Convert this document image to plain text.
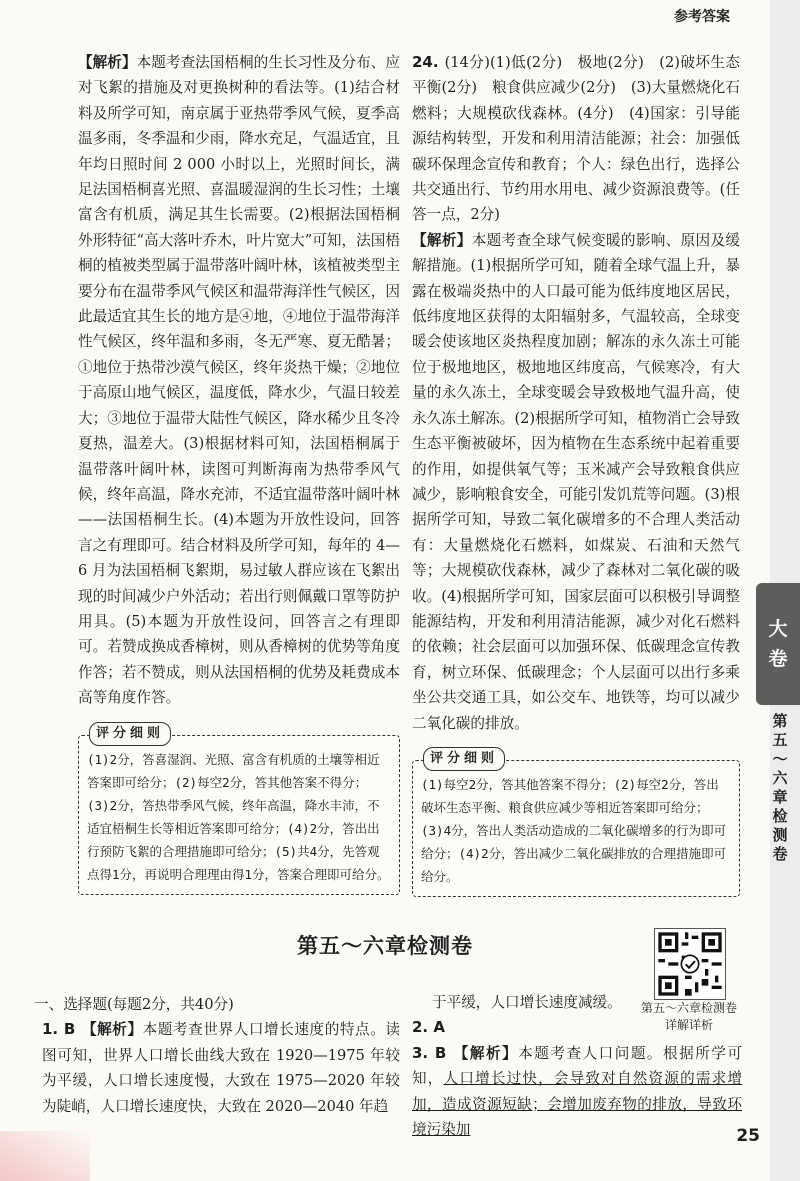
参考答案

【解析】本题考查法国梧桐的生长习性及分布、应对飞絮的措施及对更换树种的看法等。(1)结合材料及所学可知，南京属于亚热带季风气候，夏季高温多雨，冬季温和少雨，降水充足，气温适宜，且年均日照时间 2 000 小时以上，光照时间长，满足法国梧桐喜光照、喜温暖湿润的生长习性；土壤富含有机质，满足其生长需要。(2)根据法国梧桐外形特征“高大落叶乔木，叶片宽大”可知，法国梧桐的植被类型属于温带落叶阔叶林，该植被类型主要分布在温带季风气候区和温带海洋性气候区，因此最适宜其生长的地方是④地，④地位于温带海洋性气候区，终年温和多雨，冬无严寒、夏无酷暑；①地位于热带沙漠气候区，终年炎热干燥；②地位于高原山地气候区，温度低，降水少，气温日较差大；③地位于温带大陆性气候区，降水稀少且冬冷夏热，温差大。(3)根据材料可知，法国梧桐属于温带落叶阔叶林，读图可判断海南为热带季风气候，终年高温，降水充沛，不适宜温带落叶阔叶林——法国梧桐生长。(4)本题为开放性设问，回答言之有理即可。结合材料及所学可知，每年的 4—6 月为法国梧桐飞絮期，易过敏人群应该在飞絮出现的时间减少户外活动；若出行则佩戴口罩等防护用具。(5)本题为开放性设问，回答言之有理即可。若赞成换成香樟树，则从香樟树的优势等角度作答；若不赞成，则从法国梧桐的优势及耗费成本高等角度作答。

评分细则
(1)2分，答喜湿润、光照、富含有机质的土壤等相近答案即可给分；(2)每空2分，答其他答案不得分；(3)2分，答热带季风气候，终年高温，降水丰沛，不适宜梧桐生长等相近答案即可给分；(4)2分，答出出行预防飞絮的合理措施即可给分；(5)共4分，先答观点得1分，再说明合理理由得1分，答案合理即可给分。

24. (14分)(1)低(2分)　极地(2分)　(2)破坏生态平衡(2分)　粮食供应减少(2分)　(3)大量燃烧化石燃料；大规模砍伐森林。(4分)　(4)国家：引导能源结构转型，开发和利用清洁能源；社会：加强低碳环保理念宣传和教育；个人：绿色出行，选择公共交通出行、节约用水用电、减少资源浪费等。(任答一点，2分)

【解析】本题考查全球气候变暖的影响、原因及缓解措施。(1)根据所学可知，随着全球气温上升，暴露在极端炎热中的人口最可能为低纬度地区居民，低纬度地区获得的太阳辐射多，气温较高，全球变暖会使该地区炎热程度加剧；解冻的永久冻土可能位于极地地区，极地地区纬度高，气候寒冷，有大量的永久冻土，全球变暖会导致极地气温升高，使永久冻土解冻。(2)根据所学可知，植物消亡会导致生态平衡被破坏，因为植物在生态系统中起着重要的作用，如提供氧气等；玉米减产会导致粮食供应减少，影响粮食安全，可能引发饥荒等问题。(3)根据所学可知，导致二氧化碳增多的不合理人类活动有：大量燃烧化石燃料，如煤炭、石油和天然气等；大规模砍伐森林，减少了森林对二氧化碳的吸收。(4)根据所学可知，国家层面可以积极引导调整能源结构，开发和利用清洁能源，减少对化石燃料的依赖；社会层面可以加强环保、低碳理念宣传教育，树立环保、低碳理念；个人层面可以出行多乘坐公共交通工具，如公交车、地铁等，均可以减少二氧化碳的排放。

评分细则
(1)每空2分，答其他答案不得分；(2)每空2分，答出破坏生态平衡、粮食供应减少等相近答案即可给分；(3)4分，答出人类活动造成的二氧化碳增多的行为即可给分；(4)2分，答出减少二氧化碳排放的合理措施即可给分。
第五～六章检测卷
第五～六章检测卷
详解详析

一、选择题(每题2分，共40分)

1. B 【解析】本题考查世界人口增长速度的特点。读图可知，世界人口增长曲线大致在 1920—1975 年较为平缓，人口增长速度慢，大致在 1975—2020 年较为陡峭，人口增长速度快，大致在 2020—2040 年趋

于平缓，人口增长速度减缓。

2. A

3. B 【解析】本题考查人口问题。根据所学可知，人口增长过快，会导致对自然资源的需求增加，造成资源短缺；会增加废弃物的排放，导致环境污染加	25
大
卷
第五～六章检测卷
